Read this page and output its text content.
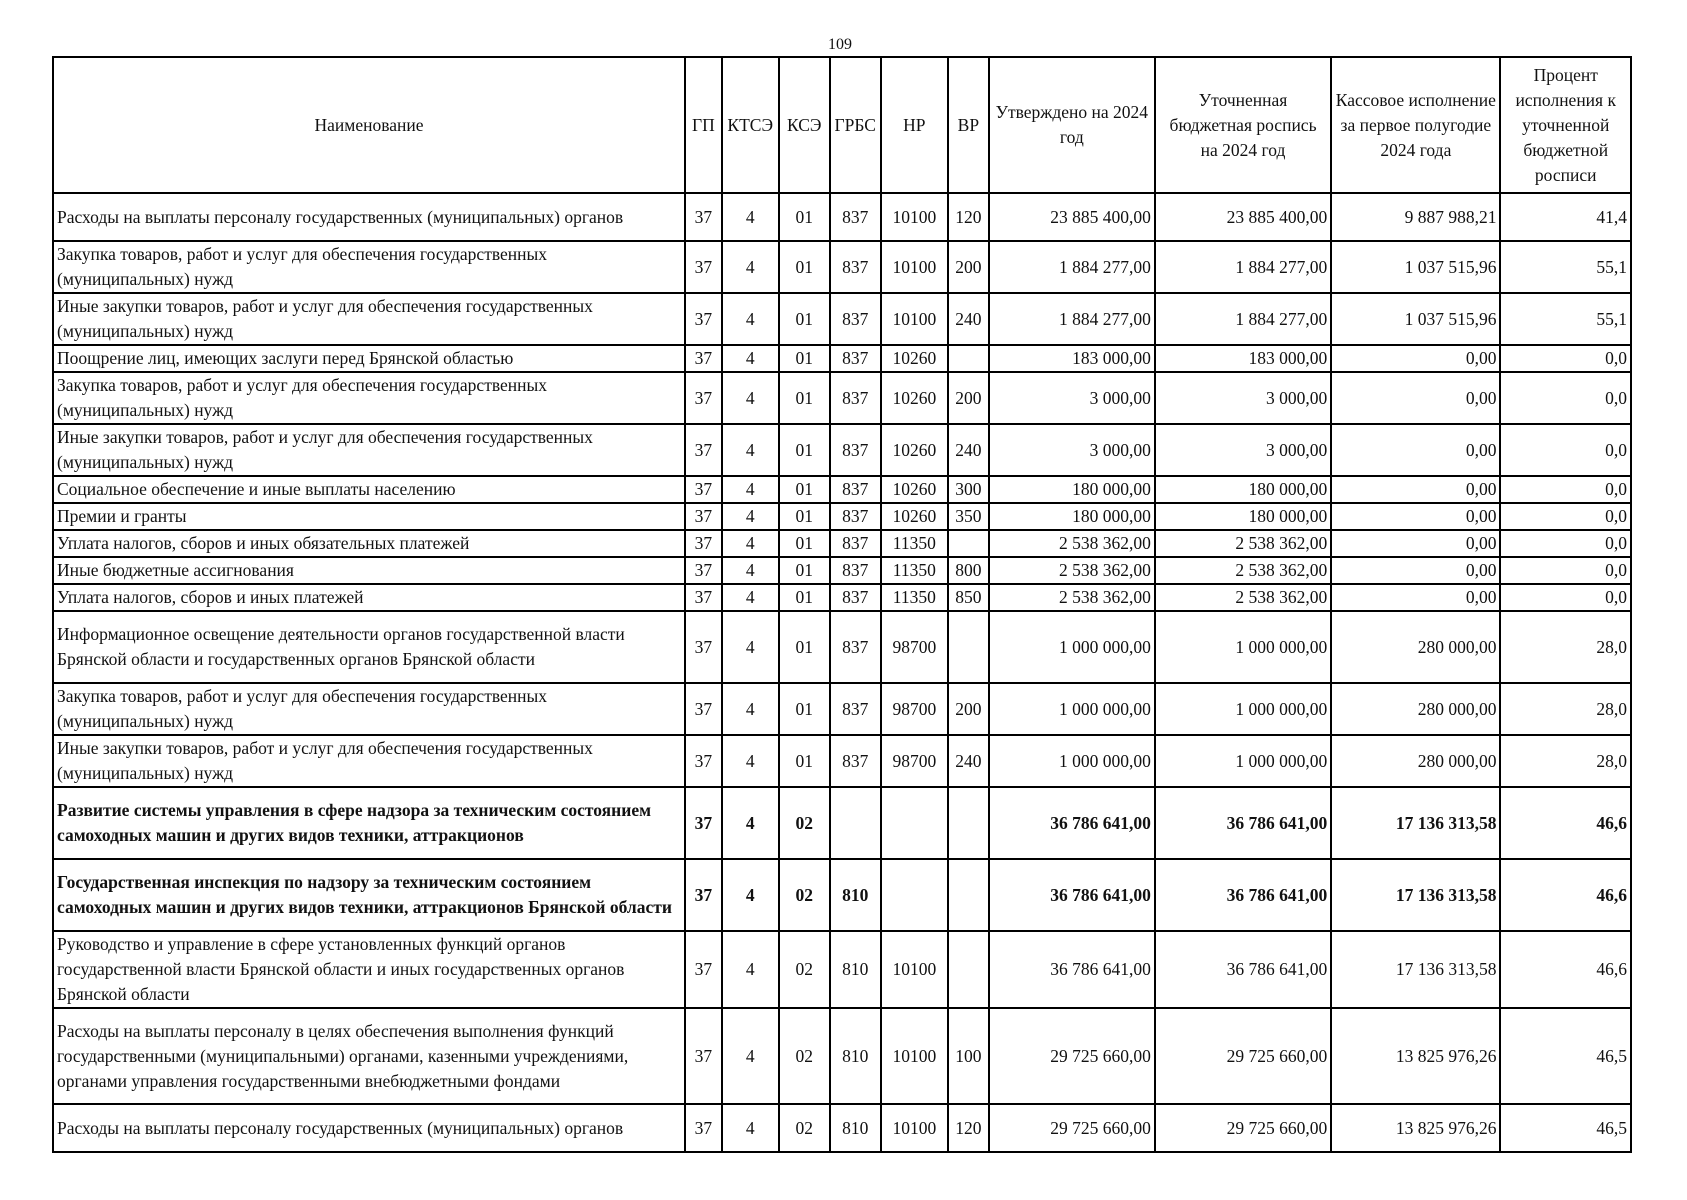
109
Наименование	ГП	КТСЭ	КСЭ	ГРБС	НР	ВР	Утверждено на 2024 год	Уточненная бюджетная роспись на 2024 год	Кассовое исполнение за первое полугодие 2024 года	Процент исполнения к уточненной бюджетной росписи
Расходы на выплаты персоналу государственных (муниципальных) органов	37	4	01	837	10100	120	23 885 400,00	23 885 400,00	9 887 988,21	41,4
Закупка товаров, работ и услуг для обеспечения государственных (муниципальных) нужд	37	4	01	837	10100	200	1 884 277,00	1 884 277,00	1 037 515,96	55,1
Иные закупки товаров, работ и услуг для обеспечения государственных (муниципальных) нужд	37	4	01	837	10100	240	1 884 277,00	1 884 277,00	1 037 515,96	55,1
Поощрение лиц, имеющих заслуги перед Брянской областью	37	4	01	837	10260		183 000,00	183 000,00	0,00	0,0
Закупка товаров, работ и услуг для обеспечения государственных (муниципальных) нужд	37	4	01	837	10260	200	3 000,00	3 000,00	0,00	0,0
Иные закупки товаров, работ и услуг для обеспечения государственных (муниципальных) нужд	37	4	01	837	10260	240	3 000,00	3 000,00	0,00	0,0
Социальное обеспечение и иные выплаты населению	37	4	01	837	10260	300	180 000,00	180 000,00	0,00	0,0
Премии и гранты	37	4	01	837	10260	350	180 000,00	180 000,00	0,00	0,0
Уплата налогов, сборов и иных обязательных платежей	37	4	01	837	11350		2 538 362,00	2 538 362,00	0,00	0,0
Иные бюджетные ассигнования	37	4	01	837	11350	800	2 538 362,00	2 538 362,00	0,00	0,0
Уплата налогов, сборов и иных платежей	37	4	01	837	11350	850	2 538 362,00	2 538 362,00	0,00	0,0
Информационное освещение деятельности органов государственной власти Брянской области и государственных органов Брянской области	37	4	01	837	98700		1 000 000,00	1 000 000,00	280 000,00	28,0
Закупка товаров, работ и услуг для обеспечения государственных (муниципальных) нужд	37	4	01	837	98700	200	1 000 000,00	1 000 000,00	280 000,00	28,0
Иные закупки товаров, работ и услуг для обеспечения государственных (муниципальных) нужд	37	4	01	837	98700	240	1 000 000,00	1 000 000,00	280 000,00	28,0
Развитие системы управления в сфере надзора за техническим состоянием самоходных машин и других видов техники, аттракционов	37	4	02				36 786 641,00	36 786 641,00	17 136 313,58	46,6
Государственная инспекция по надзору за техническим состоянием самоходных машин и других видов техники, аттракционов Брянской области	37	4	02	810			36 786 641,00	36 786 641,00	17 136 313,58	46,6
Руководство и управление в сфере установленных функций органов государственной власти Брянской области и иных государственных органов Брянской области	37	4	02	810	10100		36 786 641,00	36 786 641,00	17 136 313,58	46,6
Расходы на выплаты персоналу в целях обеспечения выполнения функций государственными (муниципальными) органами, казенными учреждениями, органами управления государственными внебюджетными фондами	37	4	02	810	10100	100	29 725 660,00	29 725 660,00	13 825 976,26	46,5
Расходы на выплаты персоналу государственных (муниципальных) органов	37	4	02	810	10100	120	29 725 660,00	29 725 660,00	13 825 976,26	46,5
